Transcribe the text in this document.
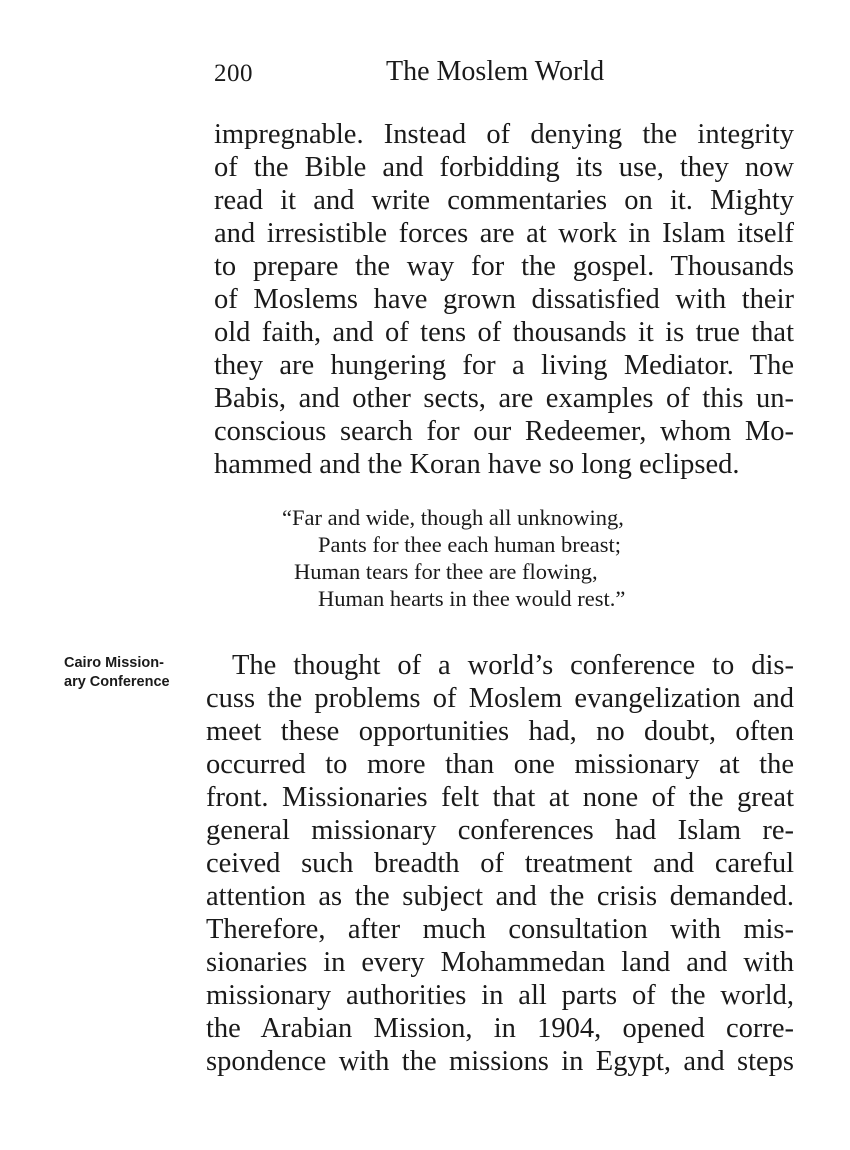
200	The Moslem World
impregnable. Instead of denying the integrity
of the Bible and forbidding its use, they now
read it and write commentaries on it. Mighty
and irresistible forces are at work in Islam itself
to prepare the way for the gospel. Thousands
of Moslems have grown dissatisfied with their
old faith, and of tens of thousands it is true that
they are hungering for a living Mediator. The
Babis, and other sects, are examples of this un-
conscious search for our Redeemer, whom Mo-
hammed and the Koran have so long eclipsed.
“Far and wide, though all unknowing,
Pants for thee each human breast;
Human tears for thee are flowing,
Human hearts in thee would rest.”
Cairo Mission-
ary Conference
The thought of a world’s conference to dis-
cuss the problems of Moslem evangelization and
meet these opportunities had, no doubt, often
occurred to more than one missionary at the
front. Missionaries felt that at none of the great
general missionary conferences had Islam re-
ceived such breadth of treatment and careful
attention as the subject and the crisis demanded.
Therefore, after much consultation with mis-
sionaries in every Mohammedan land and with
missionary authorities in all parts of the world,
the Arabian Mission, in 1904, opened corre-
spondence with the missions in Egypt, and steps
